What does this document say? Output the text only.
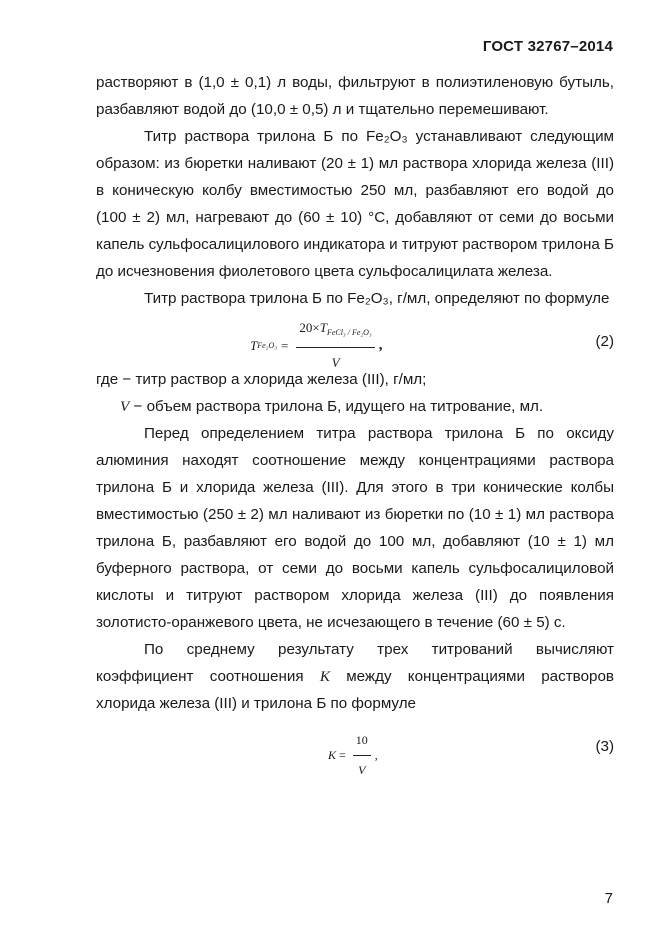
ГОСТ 32767–2014

растворяют в (1,0 ± 0,1) л воды, фильтруют в полиэтиленовую бутыль, разбавляют водой до (10,0 ± 0,5) л и тщательно перемешивают.

Титр раствора трилона Б по Fe₂O₃ устанавливают следующим образом: из бюретки наливают (20 ± 1) мл раствора хлорида железа (III) в коническую колбу вместимостью 250 мл, разбавляют его водой до (100 ± 2) мл, нагревают до (60 ± 10) °С, добавляют от семи до восьми капель сульфосалицилового индикатора и титруют раствором трилона Б до исчезновения фиолетового цвета сульфосалицилата железа.

Титр раствора трилона Б по Fe₂O₃, г/мл, определяют по формуле

T $Fe_2O_3 = \frac{20\times T_{FeCl_3 / Fe_2O_3}}{V}$ ,	(2)

где − титр раствор а хлорида железа (III), г/мл;

V − объем раствора трилона Б, идущего на титрование, мл.

Перед определением титра раствора трилона Б по оксиду алюминия находят соотношение между концентрациями раствора трилона Б и хлорида железа (III). Для этого в три конические колбы вместимостью (250 ± 2) мл наливают из бюретки по (10 ± 1) мл раствора трилона Б, разбавляют его водой до 100 мл, добавляют (10 ± 1) мл буферного раствора, от семи до восьми капель сульфосалициловой кислоты и титруют раствором хлорида железа (III) до появления золотисто-оранжевого цвета, не исчезающего в течение (60 ± 5) с.

По среднему результату трех титрований вычисляют коэффициент соотношения K между концентрациями растворов хлорида железа (III) и трилона Б по формуле

$K = \frac{10}{V}$ ,	(3)
7
